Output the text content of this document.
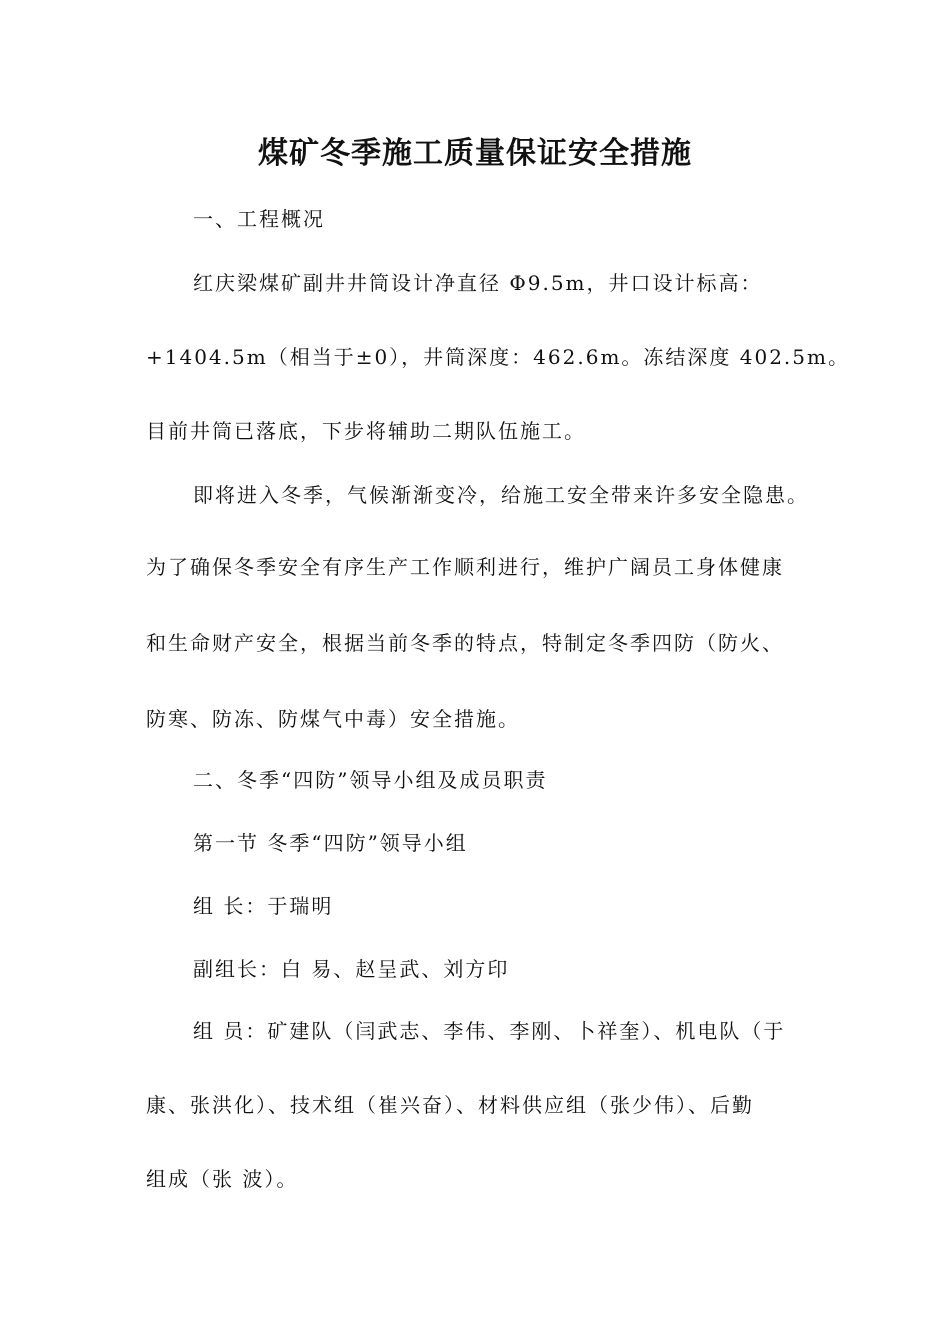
煤矿冬季施工质量保证安全措施

一、工程概况

红庆梁煤矿副井井筒设计净直径 Φ9.5m，井口设计标高：

+1404.5m（相当于±0），井筒深度：462.6m。冻结深度 402.5m。

目前井筒已落底，下步将辅助二期队伍施工。

即将进入冬季，气候渐渐变冷，给施工安全带来许多安全隐患。

为了确保冬季安全有序生产工作顺利进行，维护广阔员工身体健康

和生命财产安全，根据当前冬季的特点，特制定冬季四防（防火、

防寒、防冻、防煤气中毒）安全措施。

二、冬季“四防”领导小组及成员职责

第一节 冬季“四防”领导小组

组 长：于瑞明

副组长：白 易、赵呈武、刘方印

组 员：矿建队（闫武志、李伟、李刚、卜祥奎）、机电队（于

康、张洪化）、技术组（崔兴奋）、材料供应组（张少伟）、后勤

组成（张 波）。
